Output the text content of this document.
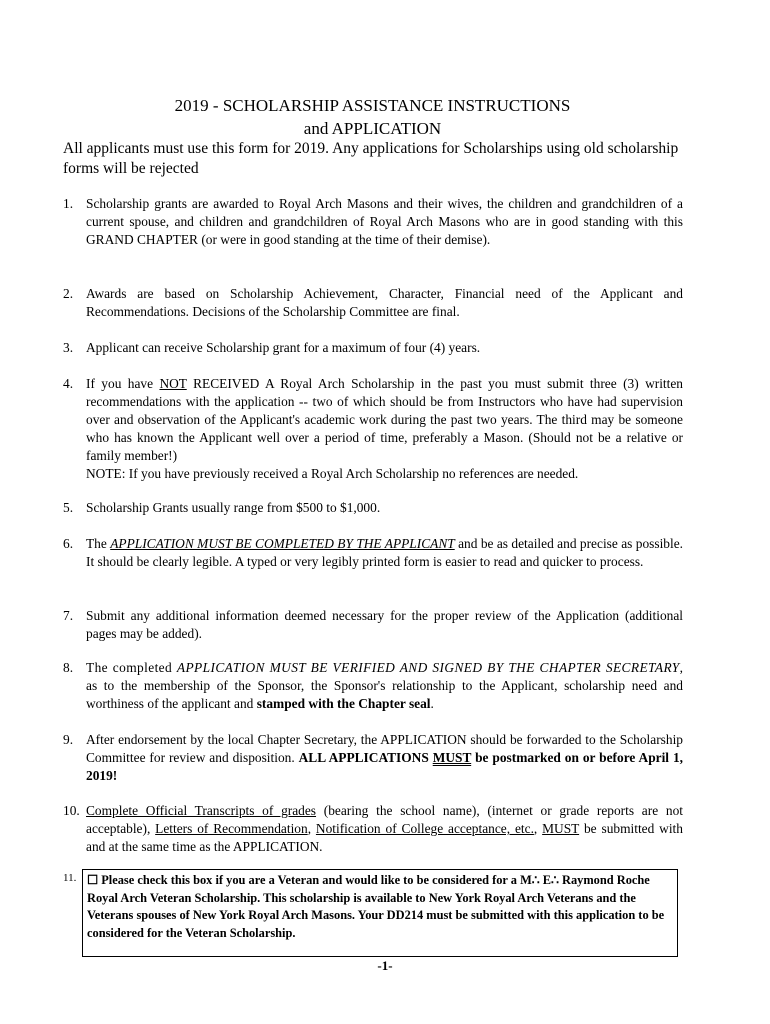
2019 - SCHOLARSHIP ASSISTANCE INSTRUCTIONS
and APPLICATION
All applicants must use this form for 2019. Any applications for Scholarships using old scholarship forms will be rejected
1. Scholarship grants are awarded to Royal Arch Masons and their wives, the children and grandchildren of a current spouse, and children and grandchildren of Royal Arch Masons who are in good standing with this GRAND CHAPTER (or were in good standing at the time of their demise).
2. Awards are based on Scholarship Achievement, Character, Financial need of the Applicant and Recommendations. Decisions of the Scholarship Committee are final.
3. Applicant can receive Scholarship grant for a maximum of four (4) years.
4. If you have NOT RECEIVED A Royal Arch Scholarship in the past you must submit three (3) written recommendations with the application -- two of which should be from Instructors who have had supervision over and observation of the Applicant's academic work during the past two years. The third may be someone who has known the Applicant well over a period of time, preferably a Mason. (Should not be a relative or family member!)
NOTE: If you have previously received a Royal Arch Scholarship no references are needed.
5. Scholarship Grants usually range from $500 to $1,000.
6. The APPLICATION MUST BE COMPLETED BY THE APPLICANT and be as detailed and precise as possible. It should be clearly legible. A typed or very legibly printed form is easier to read and quicker to process.
7. Submit any additional information deemed necessary for the proper review of the Application (additional pages may be added).
8. The completed APPLICATION MUST BE VERIFIED AND SIGNED BY THE CHAPTER SECRETARY, as to the membership of the Sponsor, the Sponsor's relationship to the Applicant, scholarship need and worthiness of the applicant and stamped with the Chapter seal.
9. After endorsement by the local Chapter Secretary, the APPLICATION should be forwarded to the Scholarship Committee for review and disposition. ALL APPLICATIONS MUST be postmarked on or before April 1, 2019!
10. Complete Official Transcripts of grades (bearing the school name), (internet or grade reports are not acceptable), Letters of Recommendation, Notification of College acceptance, etc., MUST be submitted with and at the same time as the APPLICATION.
11. ☐ Please check this box if you are a Veteran and would like to be considered for a M∴ E∴ Raymond Roche Royal Arch Veteran Scholarship. This scholarship is available to New York Royal Arch Veterans and the Veterans spouses of New York Royal Arch Masons. Your DD214 must be submitted with this application to be considered for the Veteran Scholarship.
-1-
